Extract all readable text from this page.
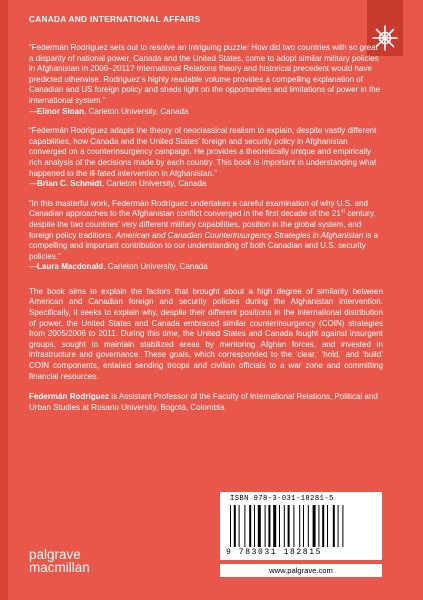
CANADA AND INTERNATIONAL AFFAIRS

“Federmán Rodríguez sets out to resolve an intriguing puzzle: How did two countries with so great a disparity of national power, Canada and the United States, come to adopt similar military policies in Afghanistan in 2006–2011? International Relations theory and historical precedent would have predicted otherwise. Rodriguez’s highly readable volume provides a compelling explanation of Canadian and US foreign policy and sheds light on the opportunities and limitations of power in the international system.”

—Elinor Sloan, Carleton University, Canada

“Federmán Rodríguez adapts the theory of neoclassical realism to explain, despite vastly different capabilities, how Canada and the United States’ foreign and security policy in Afghanistan converged on a counterinsurgency campaign. He provides a theoretically unique and empirically rich analysis of the decisions made by each country. This book is important in understanding what happened to the ill-fated intervention in Afghanistan.”

—Brian C. Schmidt, Carleton University, Canada

“In this masterful work, Federmán Rodríguez undertakes a careful examination of why U.S. and Canadian approaches to the Afghanistan conflict converged in the first decade of the 21st century, despite the two countries’ very different military capabilities, position in the global system, and foreign policy traditions. American and Canadian Counterinsurgency Strategies in Afghanistan is a compelling and important contribution to our understanding of both Canadian and U.S. security policies.”

—Laura Macdonald, Carleton University, Canada

The book aims to explain the factors that brought about a high degree of similarity between American and Canadian foreign and security policies during the Afghanistan intervention. Specifically, it seeks to explain why, despite their different positions in the international distribution of power, the United States and Canada embraced similar counterinsurgency (COIN) strategies from 2005/2006 to 2011. During this time, the United States and Canada fought against insurgent groups, sought to maintain stabilized areas by mentoring Afghan forces, and invested in infrastructure and governance. These goals, which corresponded to the ‘clear,’ ‘hold,’ and ‘build’ COIN components, entailed sending troops and civilian officials to a war zone and committing financial resources.

Federmán Rodríguez is Assistant Professor of the Faculty of International Relations, Political and Urban Studies at Rosario University, Bogotá, Colombia.

ISBN 978-3-031-18281-5
9 783031 182815
www.palgrave.com
palgrave
macmillan
